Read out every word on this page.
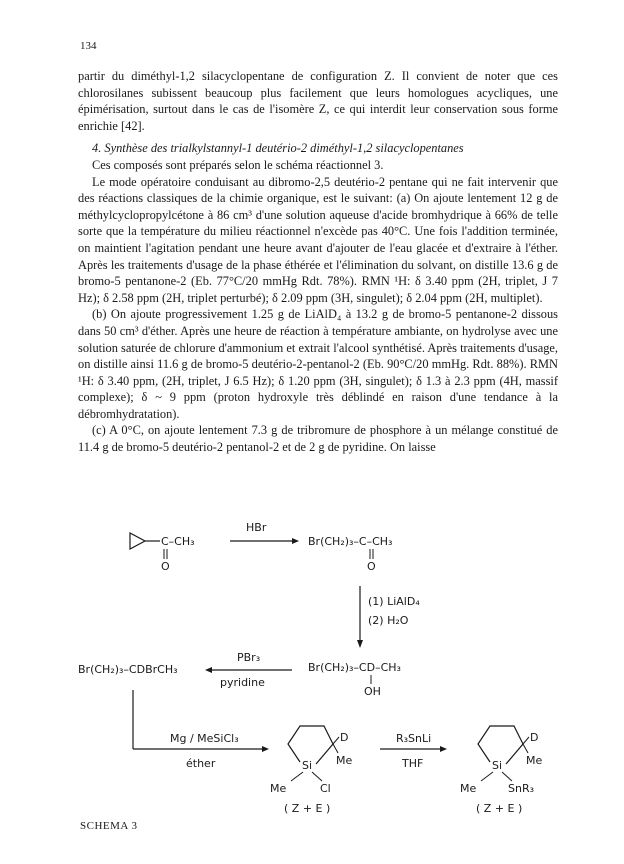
134

partir du diméthyl-1,2 silacyclopentane de configuration Z. Il convient de noter que ces chlorosilanes subissent beaucoup plus facilement que leurs homologues acycliques, une épimérisation, surtout dans le cas de l'isomère Z, ce qui interdit leur conservation sous forme enrichie [42].

4. Synthèse des trialkylstannyl-1 deutério-2 diméthyl-1,2 silacyclopentanes

Ces composés sont préparés selon le schéma réactionnel 3.

Le mode opératoire conduisant au dibromo-2,5 deutério-2 pentane qui ne fait intervenir que des réactions classiques de la chimie organique, est le suivant: (a) On ajoute lentement 12 g de méthylcyclopropylcétone à 86 cm³ d'une solution aqueuse d'acide bromhydrique à 66% de telle sorte que la température du milieu réactionnel n'excède pas 40°C. Une fois l'addition terminée, on maintient l'agitation pendant une heure avant d'ajouter de l'eau glacée et d'extraire à l'éther. Après les traitements d'usage de la phase éthérée et l'élimination du solvant, on distille 13.6 g de bromo-5 pentanone-2 (Eb. 77°C/20 mmHg Rdt. 78%). RMN ¹H: δ 3.40 ppm (2H, triplet, J 7 Hz); δ 2.58 ppm (2H, triplet perturbé); δ 2.09 ppm (3H, singulet); δ 2.04 ppm (2H, multiplet).

(b) On ajoute progressivement 1.25 g de LiAlD₄ à 13.2 g de bromo-5 pentanone-2 dissous dans 50 cm³ d'éther. Après une heure de réaction à température ambiante, on hydrolyse avec une solution saturée de chlorure d'ammonium et extrait l'alcool synthétisé. Après traitements d'usage, on distille ainsi 11.6 g de bromo-5 deutério-2-pentanol-2 (Eb. 90°C/20 mmHg. Rdt. 88%). RMN ¹H: δ 3.40 ppm, (2H, triplet, J 6.5 Hz); δ 1.20 ppm (3H, singulet); δ 1.3 à 2.3 ppm (4H, massif complexe); δ ~ 9 ppm (proton hydroxyle très déblindé en raison d'une tendance à la débromhydratation).

(c) A 0°C, on ajoute lentement 7.3 g de tribromure de phosphore à un mélange constitué de 11.4 g de bromo-5 deutério-2 pentanol-2 et de 2 g de pyridine. On laisse

C–CH₃
O
HBr
Br(CH₂)₃–C–CH₃
O
(1) LiAlD₄
(2) H₂O
Br(CH₂)₃–CD–CH₃
OH
PBr₃
pyridine
Br(CH₂)₃–CDBrCH₃
Mg / MeSiCl₃
éther	Si
D
Me
Me	Cl
( Z + E )
R₃SnLi
THF	Si
D
Me
Me	SnR₃
( Z + E )
SCHEMA 3
